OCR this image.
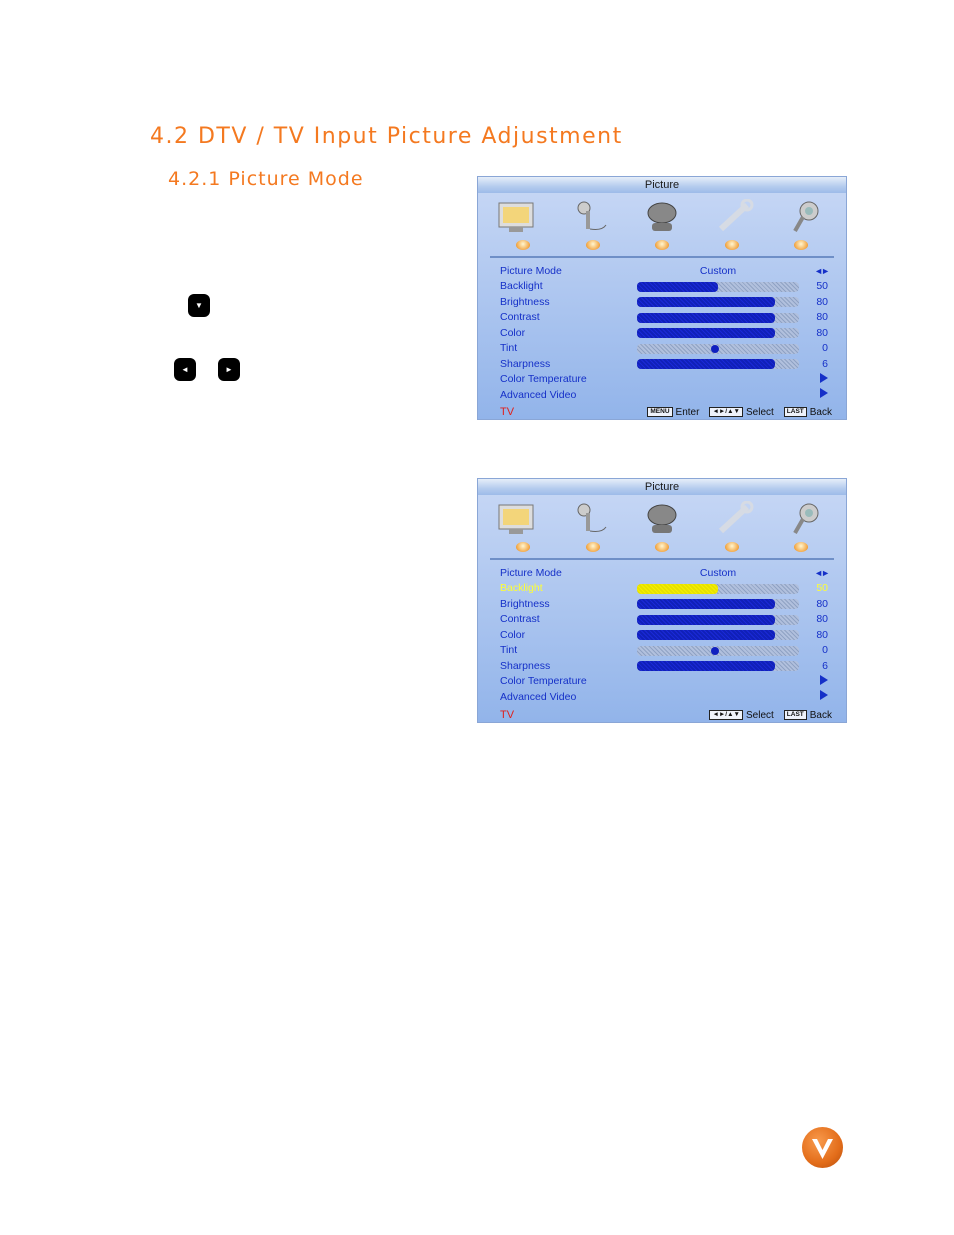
4.2 DTV / TV Input Picture Adjustment
4.2.1 Picture Mode
▼
◄	►
Picture
Picture Mode	Custom	◄►
Backlight	50
Brightness	80
Contrast	80
Color	80
Tint	0
Sharpness	6
Color Temperature
Advanced Video
TV	MENU Enter	◄►/▲▼ Select	LAST Back
Picture
Picture Mode	Custom	◄►
Backlight	50
Brightness	80
Contrast	80
Color	80
Tint	0
Sharpness	6
Color Temperature
Advanced Video
TV	◄►/▲▼ Select	LAST Back
